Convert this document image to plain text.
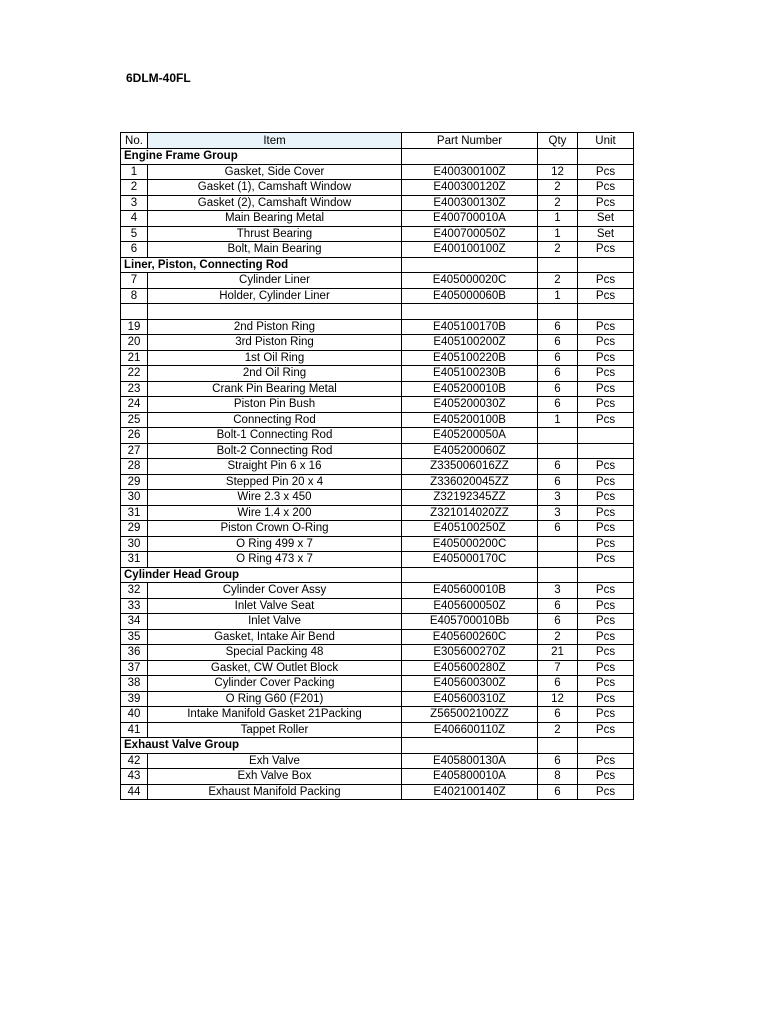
6DLM-40FL
No.	Item	Part Number	Qty	Unit
Engine Frame Group				
1	Gasket, Side Cover	E400300100Z	12	Pcs
2	Gasket (1), Camshaft Window	E400300120Z	2	Pcs
3	Gasket (2), Camshaft Window	E400300130Z	2	Pcs
4	Main Bearing Metal	E400700010A	1	Set
5	Thrust Bearing	E400700050Z	1	Set
6	Bolt, Main Bearing	E400100100Z	2	Pcs
Liner, Piston, Connecting Rod				
7	Cylinder Liner	E405000020C	2	Pcs
8	Holder, Cylinder Liner	E405000060B	1	Pcs

19	2nd Piston Ring	E405100170B	6	Pcs
20	3rd Piston Ring	E405100200Z	6	Pcs
21	1st Oil Ring	E405100220B	6	Pcs
22	2nd Oil Ring	E405100230B	6	Pcs
23	Crank Pin Bearing Metal	E405200010B	6	Pcs
24	Piston Pin Bush	E405200030Z	6	Pcs
25	Connecting Rod	E405200100B	1	Pcs
26	Bolt-1 Connecting Rod	E405200050A		
27	Bolt-2 Connecting Rod	E405200060Z		
28	Straight Pin 6 x 16	Z335006016ZZ	6	Pcs
29	Stepped Pin 20 x 4	Z336020045ZZ	6	Pcs
30	Wire 2.3 x 450	Z32192345ZZ	3	Pcs
31	Wire 1.4 x 200	Z321014020ZZ	3	Pcs
29	Piston Crown O-Ring	E405100250Z	6	Pcs
30	O Ring 499 x 7	E405000200C		Pcs
31	O Ring 473 x 7	E405000170C		Pcs
Cylinder Head Group				
32	Cylinder Cover Assy	E405600010B	3	Pcs
33	Inlet Valve Seat	E405600050Z	6	Pcs
34	Inlet Valve	E405700010Bb	6	Pcs
35	Gasket, Intake Air Bend	E405600260C	2	Pcs
36	Special Packing 48	E305600270Z	21	Pcs
37	Gasket, CW Outlet Block	E405600280Z	7	Pcs
38	Cylinder Cover Packing	E405600300Z	6	Pcs
39	O Ring G60 (F201)	E405600310Z	12	Pcs
40	Intake Manifold Gasket 21Packing	Z565002100ZZ	6	Pcs
41	Tappet Roller	E406600110Z	2	Pcs
Exhaust Valve Group				
42	Exh Valve	E405800130A	6	Pcs
43	Exh Valve Box	E405800010A	8	Pcs
44	Exhaust Manifold Packing	E402100140Z	6	Pcs
